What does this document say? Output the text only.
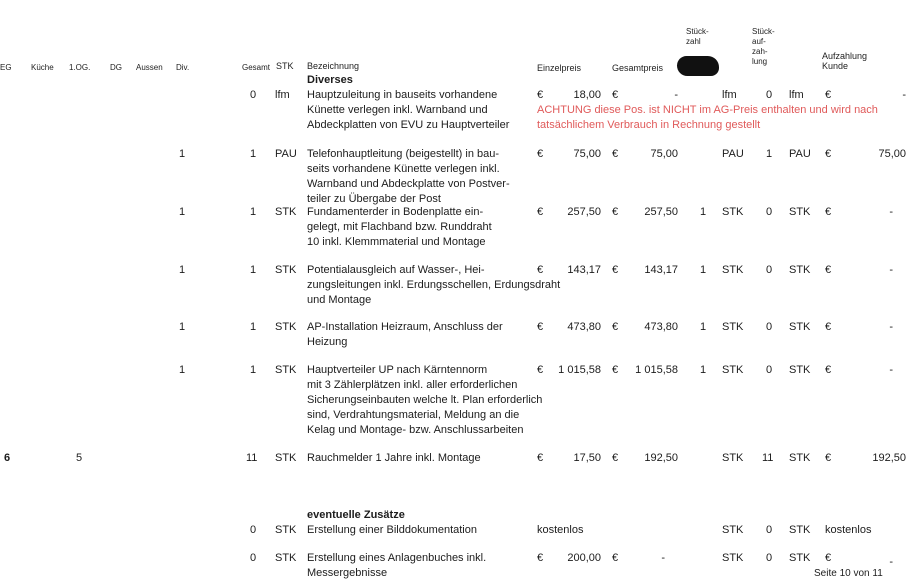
EG Küche 1.OG. DG Aussen Div.	Gesamt STK Bezeichnung	Einzelpreis	Gesamtpreis
Stück-
zahl
Stück-
auf-
zah-
lung
Aufzahlung
Kunde
Diverses
0 lfm Hauptzuleitung in bauseits vorhandene
Künette verlegen inkl. Warnband und
Abdeckplatten von EVU zu Hauptverteiler
€	18,00 €	-	lfm	0 lfm €	-
ACHTUNG diese Pos. ist NICHT im AG-Preis enthalten und wird nach
tatsächlichem Verbrauch in Rechnung gestellt
1	1 PAU Telefonhauptleitung (beigestellt) in bau-
seits vorhandene Künette verlegen inkl.
Warnband und Abdeckplatte von Postver-
teiler zu Übergabe der Post
€	75,00 €	75,00	PAU 1 PAU €	75,00
1	1 STK Fundamenterder in Bodenplatte ein-
gelegt, mit Flachband bzw. Runddraht
10 inkl. Klemmmaterial und Montage
€	257,50 €	257,50 1 STK 0 STK €	-
1	1 STK Potentialausgleich auf Wasser-, Hei-
zungsleitungen inkl. Erdungsschellen, Erdungsdraht
und Montage
€	143,17 €	143,17 1 STK 0 STK €	-
1	1 STK AP-Installation Heizraum, Anschluss der
Heizung
€	473,80 €	473,80 1 STK 0 STK €	-
1	1 STK Hauptverteiler UP nach Kärntennorm
mit 3 Zählerplätzen inkl. aller erforderlichen
Sicherungseinbauten welche lt. Plan erforderlich
sind, Verdrahtungsmaterial, Meldung an die
Kelag und Montage- bzw. Anschlussarbeiten
€	1 015,58 €	1 015,58 1 STK 0 STK €	-
6	5	11 STK Rauchmelder 1 Jahre inkl. Montage	€	17,50 €	192,50	STK 11 STK €	192,50
eventuelle Zusätze
0 STK Erstellung einer Bilddokumentation	kostenlos	STK 0 STK kostenlos
0 STK Erstellung eines Anlagenbuches inkl.
Messergebnisse
€	200,00 €	-	STK 0 STK €	-
Seite 10 von 11
